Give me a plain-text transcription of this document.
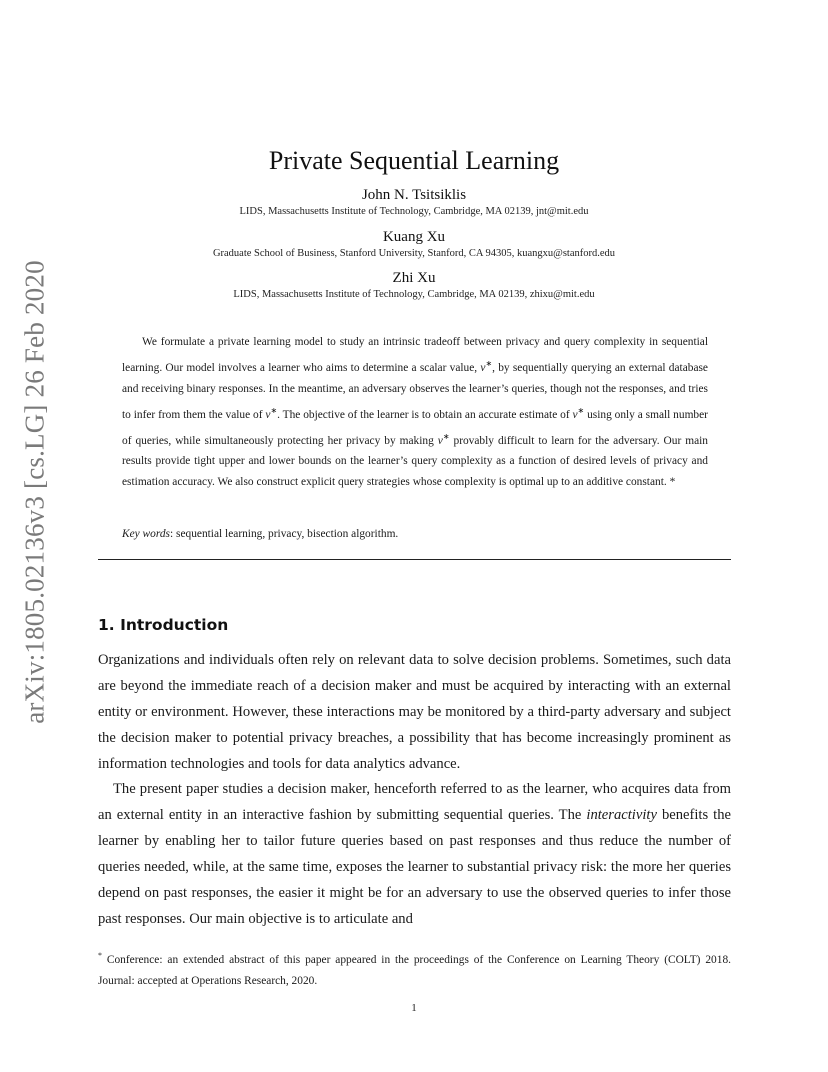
arXiv:1805.02136v3 [cs.LG] 26 Feb 2020
Private Sequential Learning
John N. Tsitsiklis
LIDS, Massachusetts Institute of Technology, Cambridge, MA 02139, jnt@mit.edu
Kuang Xu
Graduate School of Business, Stanford University, Stanford, CA 94305, kuangxu@stanford.edu
Zhi Xu
LIDS, Massachusetts Institute of Technology, Cambridge, MA 02139, zhixu@mit.edu

We formulate a private learning model to study an intrinsic tradeoff between privacy and query complexity in sequential learning. Our model involves a learner who aims to determine a scalar value, v∗, by sequentially querying an external database and receiving binary responses. In the meantime, an adversary observes the learner’s queries, though not the responses, and tries to infer from them the value of v∗. The objective of the learner is to obtain an accurate estimate of v∗ using only a small number of queries, while simultaneously protecting her privacy by making v∗ provably difficult to learn for the adversary. Our main results provide tight upper and lower bounds on the learner’s query complexity as a function of desired levels of privacy and estimation accuracy. We also construct explicit query strategies whose complexity is optimal up to an additive constant. *

Key words: sequential learning, privacy, bisection algorithm.
1. Introduction

Organizations and individuals often rely on relevant data to solve decision problems. Sometimes, such data are beyond the immediate reach of a decision maker and must be acquired by interacting with an external entity or environment. However, these interactions may be monitored by a third-party adversary and subject the decision maker to potential privacy breaches, a possibility that has become increasingly prominent as information technologies and tools for data analytics advance.

The present paper studies a decision maker, henceforth referred to as the learner, who acquires data from an external entity in an interactive fashion by submitting sequential queries. The interactivity benefits the learner by enabling her to tailor future queries based on past responses and thus reduce the number of queries needed, while, at the same time, exposes the learner to substantial privacy risk: the more her queries depend on past responses, the easier it might be for an adversary to use the observed queries to infer those past responses. Our main objective is to articulate and

* Conference: an extended abstract of this paper appeared in the proceedings of the Conference on Learning Theory (COLT) 2018. Journal: accepted at Operations Research, 2020.

1
